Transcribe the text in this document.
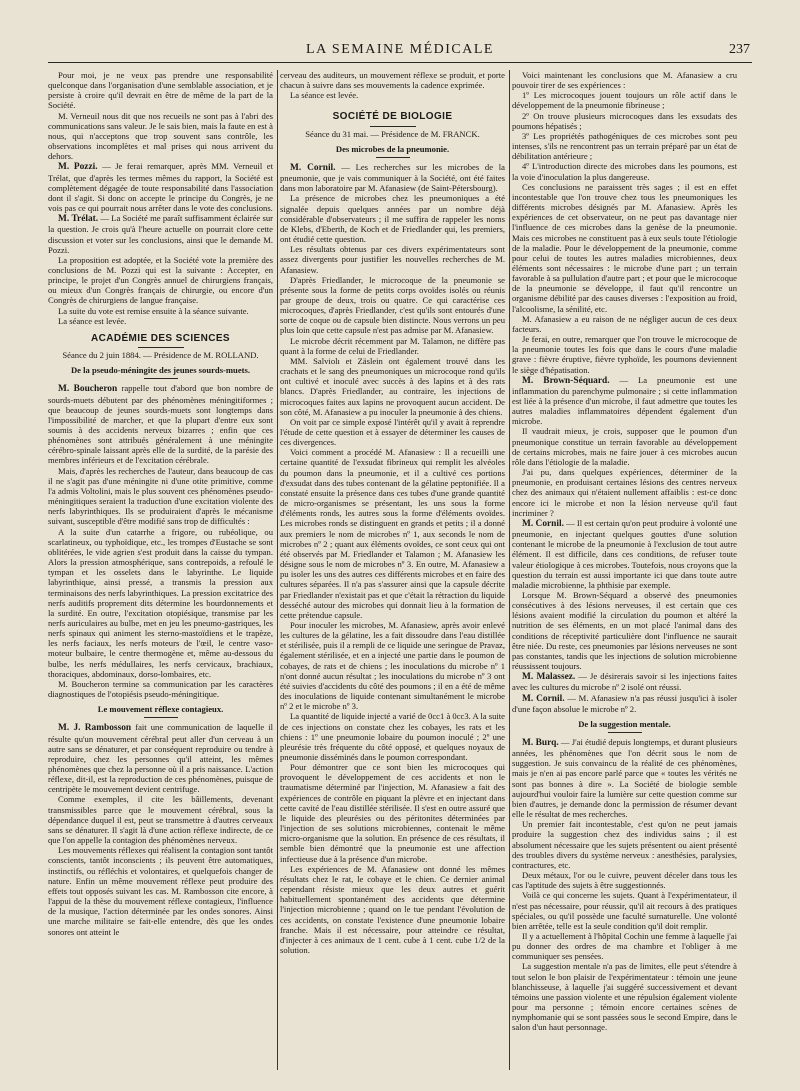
LA SEMAINE MÉDICALE	237

Pour moi, je ne veux pas prendre une responsabilité quelconque dans l'organisation d'une semblable association, et je persiste à croire qu'il devrait en être de même de la part de la Société.

M. Verneuil nous dit que nos recueils ne sont pas à l'abri des communications sans valeur. Je le sais bien, mais la faute en est à nous, qui n'acceptons que trop souvent sans contrôle, les observations incomplètes et mal prises qui nous arrivent du dehors.

M. Pozzi. — Je ferai remarquer, après MM. Verneuil et Trélat, que d'après les termes mêmes du rapport, la Société est complètement dégagée de toute responsabilité dans l'association dont il s'agit. Si donc on accepte le principe du Congrès, je ne vois pas ce qui pourrait nous arrêter dans le vote des conclusions.

M. Trélat. — La Société me paraît suffisamment éclairée sur la question. Je crois qu'à l'heure actuelle on pourrait clore cette discussion et voter sur les conclusions, ainsi que le demande M. Pozzi.

La proposition est adoptée, et la Société vote la première des conclusions de M. Pozzi qui est la suivante : Accepter, en principe, le projet d'un Congrès annuel de chirurgiens français, ou mieux d'un Congrès français de chirurgie, ou encore d'un Congrès de chirurgiens de langue française.

La suite du vote est remise ensuite à la séance suivante.

La séance est levée.

ACADÉMIE DES SCIENCES
Séance du 2 juin 1884. — Présidence de M. ROLLAND.
De la pseudo-méningite des jeunes sourds-muets.

M. Boucheron rappelle tout d'abord que bon nombre de sourds-muets débutent par des phénomènes méningitiformes ; que beaucoup de jeunes sourds-muets sont longtemps dans l'impossibilité de marcher, et que la plupart d'entre eux sont soumis à des accidents nerveux bizarres ; enfin que ces phénomènes sont attribués généralement à une méningite cérébro-spinale laissant après elle de la surdité, de la parésie des membres inférieurs et de l'excitation cérébrale.

Mais, d'après les recherches de l'auteur, dans beaucoup de cas il ne s'agit pas d'une méningite ni d'une otite primitive, comme l'a admis Voltolini, mais le plus souvent ces phénomènes pseudo-méningitiques seraient la traduction d'une excitation violente des nerfs labyrinthiques. Ils se produiraient d'après le mécanisme suivant, susceptible d'être modifié sans trop de difficultés :

A la suite d'un catarrhe a frigore, ou rubéolique, ou scarlatineux, ou typhoïdique, etc., les trompes d'Eustache se sont oblitérées, le vide agrien s'est produit dans la caisse du tympan. Alors la pression atmosphérique, sans contrepoids, a refoulé le tympan et les osselets dans le labyrinthe. Le liquide labyrinthique, ainsi pressé, a transmis la pression aux terminaisons des nerfs labyrinthiques. La pression excitatrice des nerfs auditifs proprement dits détermine les bourdonnements et la surdité. En outre, l'excitation otopiésique, transmise par les nerfs auriculaires au bulbe, met en jeu les pneumo-gastriques, les nerfs spinaux qui animent les sterno-mastoïdiens et le trapèze, les nerfs faciaux, les nerfs moteurs de l'œil, le centre vaso-moteur bulbaire, le centre thermogène et, même au-dessous du bulbe, les nerfs médullaires, les nerfs cervicaux, brachiaux, thoraciques, abdominaux, dorso-lombaires, etc.

M. Boucheron termine sa communication par les caractères diagnostiques de l'otopiésis pseudo-méningitique.

Le mouvement réflexe contagieux.

M. J. Rambosson fait une communication de laquelle il résulte qu'un mouvement cérébral peut aller d'un cerveau à un autre sans se dénaturer, et par conséquent reproduire ou tendre à reproduire, chez les personnes qu'il atteint, les mêmes phénomènes que chez la personne où il a pris naissance. L'action réflexe, dit-il, est la reproduction de ces phénomènes, puisque de centripète le mouvement devient centrifuge.

Comme exemples, il cite les bâillements, devenant transmissibles parce que le mouvement cérébral, sous la dépendance duquel il est, peut se transmettre à d'autres cerveaux sans se dénaturer. Il s'agit là d'une action réflexe indirecte, de ce que l'on appelle la contagion des phénomènes nerveux.

Les mouvements réflexes qui réalisent la contagion sont tantôt conscients, tantôt inconscients ; ils peuvent être automatiques, instinctifs, ou réfléchis et volontaires, et quelquefois changer de nature. Enfin un même mouvement réflexe peut produire des effets tout opposés suivant les cas. M. Rambosson cite encore, à l'appui de la thèse du mouvement réflexe contagieux, l'influence de la musique, l'action déterminée par les ondes sonores. Ainsi une marche militaire se fait-elle entendre, dès que les ondes sonores ont atteint le

cerveau des auditeurs, un mouvement réflexe se produit, et porte chacun à suivre dans ses mouvements la cadence exprimée.

La séance est levée.

SOCIÉTÉ DE BIOLOGIE
Séance du 31 mai. — Présidence de M. FRANCK.
Des microbes de la pneumonie.

M. Cornil. — Les recherches sur les microbes de la pneumonie, que je vais communiquer à la Société, ont été faites dans mon laboratoire par M. Afanasiew (de Saint-Pétersbourg).

La présence de microbes chez les pneumoniques a été signalée depuis quelques années par un nombre déjà considérable d'observateurs ; il me suffira de rappeler les noms de Klebs, d'Eberth, de Koch et de Friedlander qui, les premiers, ont étudié cette question.

Les résultats obtenus par ces divers expérimentateurs sont assez divergents pour justifier les nouvelles recherches de M. Afanasiew.

D'après Friedlander, le microcoque de la pneumonie se présente sous la forme de petits corps ovoïdes isolés ou réunis par groupe de deux, trois ou quatre. Ce qui caractérise ces microcoques, d'après Friedlander, c'est qu'ils sont entourés d'une sorte de coque ou de capsule bien distincte. Nous verrons un peu plus loin que cette capsule n'est pas admise par M. Afanasiew.

Le microbe décrit récemment par M. Talamon, ne diffère pas quant à la forme de celui de Friedlander.

MM. Salviolı et Zäslein ont également trouvé dans les crachats et le sang des pneumoniques un microcoque rond qu'ils ont cultivé et inoculé avec succès à des lapins et à des rats blancs. D'après Friedlander, au contraire, les injections de microcoques faites aux lapins ne provoquent aucun accident. De son côté, M. Afanasiew a pu inoculer la pneumonie à des chiens.

On voit par ce simple exposé l'intérêt qu'il y avait à reprendre l'étude de cette question et à essayer de déterminer les causes de ces divergences.

Voici comment a procédé M. Afanasiew : Il a recueilli une certaine quantité de l'exsudat fibrineux qui remplit les alvéoles du poumon dans la pneumonie, et il a cultivé ces portions d'exsudat dans des tubes contenant de la gélatine peptonifiée. Il a constaté ensuite la présence dans ces tubes d'une grande quantité de micro-organismes se présentant, les uns sous la forme d'éléments ronds, les autres sous la forme d'éléments ovoïdes. Les microbes ronds se distinguent en grands et petits ; il a donné aux premiers le nom de microbes nº 1, aux seconds le nom de microbes nº 2 ; quant aux éléments ovoïdes, ce sont ceux qui ont été observés par M. Friedlander et Talamon ; M. Afanasiew les désigne sous le nom de microbes nº 3. En outre, M. Afanasiew a pu isoler les uns des autres ces différents microbes et en faire des cultures séparées. Il n'a pas s'assurer ainsi que la capsule décrite par Friedlander n'existait pas et que c'était la rétraction du liquide desséché autour des microbes qui donnait lieu à la formation de cette prétendue capsule.

Pour inoculer les microbes, M. Afanasiew, après avoir enlevé les cultures de la gélatine, les a fait dissoudre dans l'eau distillée et stérilisée, puis il a rempli de ce liquide une seringue de Pravaz, également stérilisée, et en a injecté une partie dans le poumon de cobayes, de rats et de chiens ; les inoculations du microbe nº 1 n'ont donné aucun résultat ; les inoculations du microbe nº 3 ont été suivies d'accidents du côté des poumons ; il en a été de même des inoculations de liquide contenant simultanément le microbe nº 2 et le microbe nº 3.

La quantité de liquide injecté a varié de 0cc1 à 0cc3. A la suite de ces injections on constate chez les cobayes, les rats et les chiens : 1º une pneumonie lobaire du poumon inoculé ; 2º une pleurésie très fréquente du côté opposé, et quelques noyaux de pneumonie disséminés dans le poumon correspondant.

Pour démontrer que ce sont bien les microcoques qui provoquent le développement de ces accidents et non le traumatisme déterminé par l'injection, M. Afanasiew a fait des expériences de contrôle en piquant la plèvre et en injectant dans cette cavité de l'eau distillée stérilisée. Il s'est en outre assuré que le liquide des pleurésies ou des péritonites déterminées par l'injection de ses solutions microbiennes, contenait le même micro-organisme que la solution. En présence de ces résultats, il semble bien démontré que la pneumonie est une affection infectieuse due à la présence d'un microbe.

Les expériences de M. Afanasiew ont donné les mêmes résultats chez le rat, le cobaye et le chien. Ce dernier animal cependant résiste mieux que les deux autres et guérit habituellement spontanément des accidents que détermine l'injection microbienne ; quand on le tue pendant l'évolution de ces accidents, on constate l'existence d'une pneumonie lobaire franche. Mais il est nécessaire, pour atteindre ce résultat, d'injecter à ces animaux de 1 cent. cube à 1 cent. cube 1/2 de la solution.

Voici maintenant les conclusions que M. Afanasiew a cru pouvoir tirer de ses expériences :

1º Les microcoques jouent toujours un rôle actif dans le développement de la pneumonie fibrineuse ;

2º On trouve plusieurs microcoques dans les exsudats des poumons hépatisés ;

3º Les propriétés pathogéniques de ces microbes sont peu intenses, s'ils ne rencontrent pas un terrain préparé par un état de débilitation antérieure ;

4º L'introduction directe des microbes dans les poumons, est la voie d'inoculation la plus dangereuse.

Ces conclusions ne paraissent très sages ; il est en effet incontestable que l'on trouve chez tous les pneumoniques les différents microbes désignés par M. Afanasiew. Après les expériences de cet observateur, on ne peut pas davantage nier l'influence de ces microbes dans la genèse de la pneumonie. Mais ces microbes ne constituent pas à eux seuls toute l'étiologie de la maladie. Pour le développement de la pneumonie, comme pour celui de toutes les autres maladies microbiennes, deux éléments sont nécessaires : le microbe d'une part ; un terrain favorable à sa pullulation d'autre part ; et pour que le microcoque de la pneumonie se développe, il faut qu'il rencontre un organisme débilité par des causes diverses : l'exposition au froid, l'alcoolisme, la sénilité, etc.

M. Afanasiew a eu raison de ne négliger aucun de ces deux facteurs.

Je ferai, en outre, remarquer que l'on trouve le microcoque de la pneumonie toutes les fois que dans le cours d'une maladie grave : fièvre éruptive, fièvre typhoïde, les poumons deviennent le siège d'hépatisation.

M. Brown-Séquard. — La pneumonie est une inflammation du parenchyme pulmonaire ; si cette inflammation est liée à la présence d'un microbe, il faut admettre que toutes les autres maladies inflammatoires dépendent également d'un microbe.

Il vaudrait mieux, je crois, supposer que le poumon d'un pneumonique constitue un terrain favorable au développement de certains microbes, mais ne faire jouer à ces microbes aucun rôle dans l'étiologie de la maladie.

J'ai pu, dans quelques expériences, déterminer de la pneumonie, en produisant certaines lésions des centres nerveux chez des animaux qui n'étaient nullement affaiblis : est-ce donc encore ici le microbe et non la lésion nerveuse qu'il faut incriminer ?

M. Cornil. — Il est certain qu'on peut produire à volonté une pneumonie, en injectant quelques gouttes d'une solution contenant le microbe de la pneumonie à l'exclusion de tout autre élément. Il est difficile, dans ces conditions, de refuser toute valeur étiologique à ces microbes. Toutefois, nous croyons que la question du terrain est aussi importante ici que dans toute autre maladie microbienne, la phthisie par exemple.

Lorsque M. Brown-Séquard a observé des pneumonies consécutives à des lésions nerveuses, il est certain que ces lésions avaient modifié la circulation du poumon et altéré la nutrition de ses éléments, en un mot placé l'animal dans des conditions de réceptivité particulière dont l'influence ne saurait être niée. Du reste, ces pneumonies par lésions nerveuses ne sont pas constantes, tandis que les injections de solution microbienne réussissent toujours.

M. Malassez. — Je désirerais savoir si les injections faites avec les cultures du microbe nº 2 isolé ont réussi.

M. Cornil. — M. Afanasiew n'a pas réussi jusqu'ici à isoler d'une façon absolue le microbe nº 2.

De la suggestion mentale.

M. Burq. — J'ai étudié depuis longtemps, et durant plusieurs années, les phénomènes que l'on décrit sous le nom de suggestion. Je suis convaincu de la réalité de ces phénomènes, mais je n'en ai pas encore parlé parce que « toutes les vérités ne sont pas bonnes à dire ». La Société de biologie semble aujourd'hui vouloir faire la lumière sur cette question comme sur bien d'autres, je demande donc la permission de résumer devant elle le résultat de mes recherches.

Un premier fait incontestable, c'est qu'on ne peut jamais produire la suggestion chez des individus sains ; il est absolument nécessaire que les sujets présentent ou aient présenté des troubles divers du système nerveux : anesthésies, paralysies, contractures, etc.

Deux métaux, l'or ou le cuivre, peuvent déceler dans tous les cas l'aptitude des sujets à être suggestionnés.

Voilà ce qui concerne les sujets. Quant à l'expérimentateur, il n'est pas nécessaire, pour réussir, qu'il ait recours à des pratiques spéciales, ou qu'il possède une faculté surnaturelle. Une volonté bien arrêtée, telle est la seule condition qu'il doit remplir.

Il y a actuellement à l'hôpital Cochin une femme à laquelle j'ai pu donner des ordres de ma chambre et l'obliger à me communiquer ses pensées.

La suggestion mentale n'a pas de limites, elle peut s'étendre à tout selon le bon plaisir de l'expérimentateur : témoin une jeune blanchisseuse, à laquelle j'ai suggéré successivement et devant témoins une passion violente et une répulsion également violente pour ma personne ; témoin encore certaines scènes de nymphomanie qui se sont passées sous le second Empire, dans le salon d'un haut personnage.
